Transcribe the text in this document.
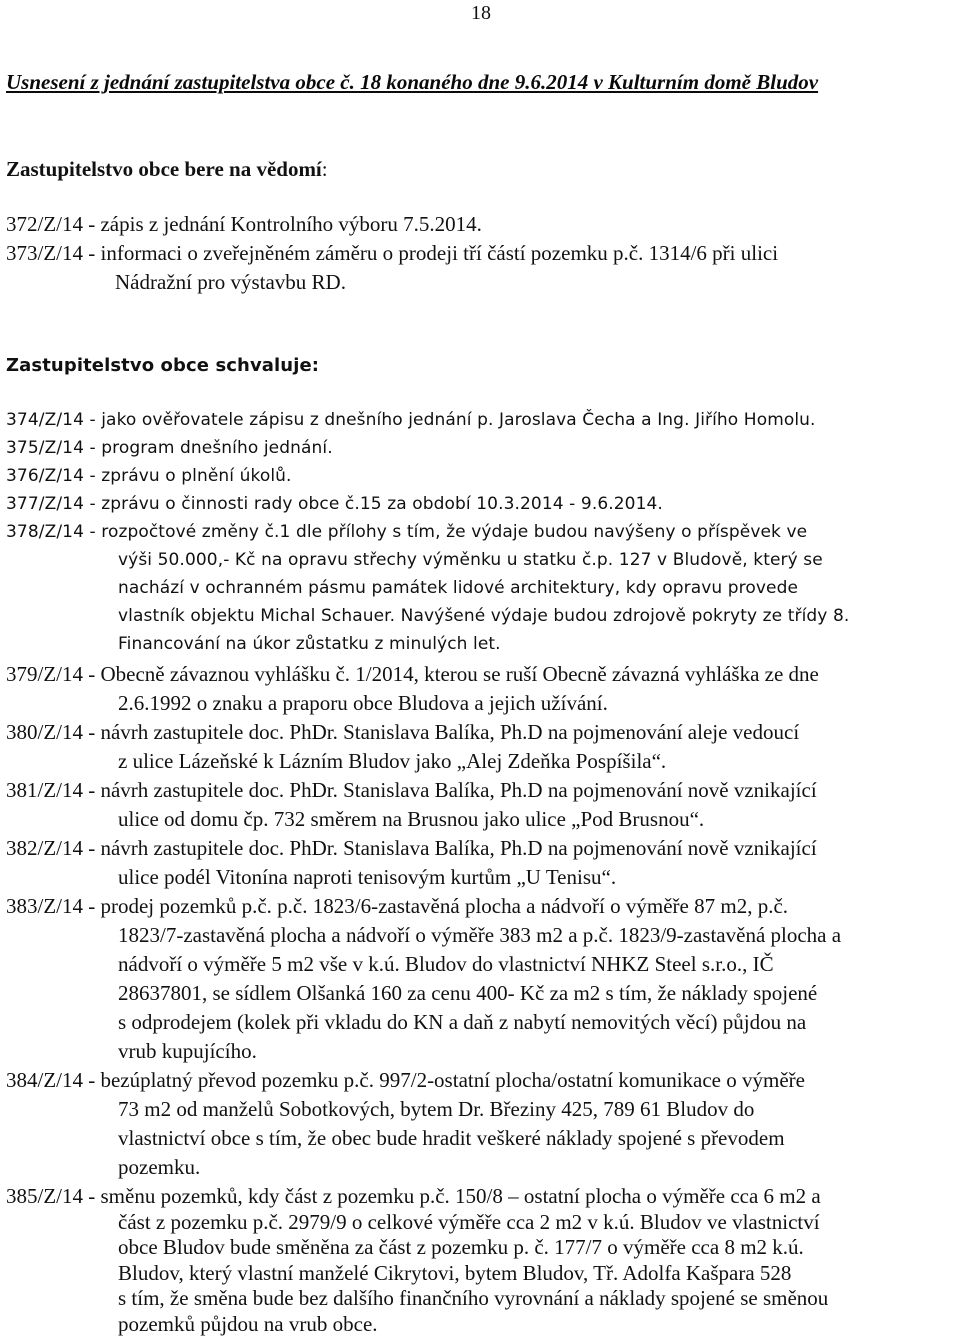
18
Usnesení z jednání zastupitelstva obce č. 18 konaného dne 9.6.2014 v Kulturním domě Bludov
Zastupitelstvo obce bere na vědomí:
372/Z/14 - zápis z jednání Kontrolního výboru 7.5.2014.
373/Z/14 - informaci o zveřejněném záměru o prodeji tří částí pozemku p.č. 1314/6 při ulici
Nádražní pro výstavbu RD.
Zastupitelstvo obce schvaluje:
374/Z/14 - jako ověřovatele zápisu z dnešního jednání p. Jaroslava Čecha a Ing. Jiřího Homolu.
375/Z/14 - program dnešního jednání.
376/Z/14 - zprávu o plnění úkolů.
377/Z/14 - zprávu o činnosti rady obce č.15 za období 10.3.2014 - 9.6.2014.
378/Z/14 - rozpočtové změny č.1 dle přílohy s tím, že výdaje budou navýšeny o příspěvek ve
výši 50.000,- Kč na opravu střechy výměnku u statku č.p. 127 v Bludově, který se
nachází v ochranném pásmu památek lidové architektury, kdy opravu provede
vlastník objektu Michal Schauer. Navýšené výdaje budou zdrojově pokryty ze třídy 8.
Financování na úkor zůstatku z minulých let.
379/Z/14 - Obecně závaznou vyhlášku č. 1/2014, kterou se ruší Obecně závazná vyhláška ze dne
2.6.1992 o znaku a praporu obce Bludova a jejich užívání.
380/Z/14 - návrh zastupitele doc. PhDr. Stanislava Balíka, Ph.D na pojmenování aleje vedoucí
z ulice Lázeňské k Lázním Bludov jako „Alej Zdeňka Pospíšila“.
381/Z/14 - návrh zastupitele doc. PhDr. Stanislava Balíka, Ph.D na pojmenování nově vznikající
ulice od domu čp. 732 směrem na Brusnou jako ulice „Pod Brusnou“.
382/Z/14 - návrh zastupitele doc. PhDr. Stanislava Balíka, Ph.D na pojmenování nově vznikající
ulice podél Vitonína naproti tenisovým kurtům „U Tenisu“.
383/Z/14 - prodej pozemků p.č. p.č. 1823/6-zastavěná plocha a nádvoří o výměře 87 m2, p.č.
1823/7-zastavěná plocha a nádvoří o výměře 383 m2 a p.č. 1823/9-zastavěná plocha a
nádvoří o výměře 5 m2 vše v k.ú. Bludov do vlastnictví NHKZ Steel s.r.o., IČ
28637801, se sídlem Olšanká 160 za cenu 400- Kč za m2 s tím, že náklady spojené
s odprodejem (kolek při vkladu do KN a daň z nabytí nemovitých věcí) půjdou na
vrub kupujícího.
384/Z/14 - bezúplatný převod pozemku p.č. 997/2-ostatní plocha/ostatní komunikace o výměře
73 m2 od manželů Sobotkových, bytem Dr. Březiny 425, 789 61 Bludov do
vlastnictví obce s tím, že obec bude hradit veškeré náklady spojené s převodem
pozemku.
385/Z/14 - směnu pozemků, kdy část z pozemku p.č. 150/8 – ostatní plocha o výměře cca 6 m2 a
část z pozemku p.č. 2979/9 o celkové výměře cca 2 m2 v k.ú. Bludov ve vlastnictví
obce Bludov bude směněna za část z pozemku p. č. 177/7 o výměře cca 8 m2 k.ú.
Bludov, který vlastní manželé Cikrytovi, bytem Bludov, Tř. Adolfa Kašpara 528
s tím, že směna bude bez dalšího finančního vyrovnání a náklady spojené se směnou
pozemků půjdou na vrub obce.
